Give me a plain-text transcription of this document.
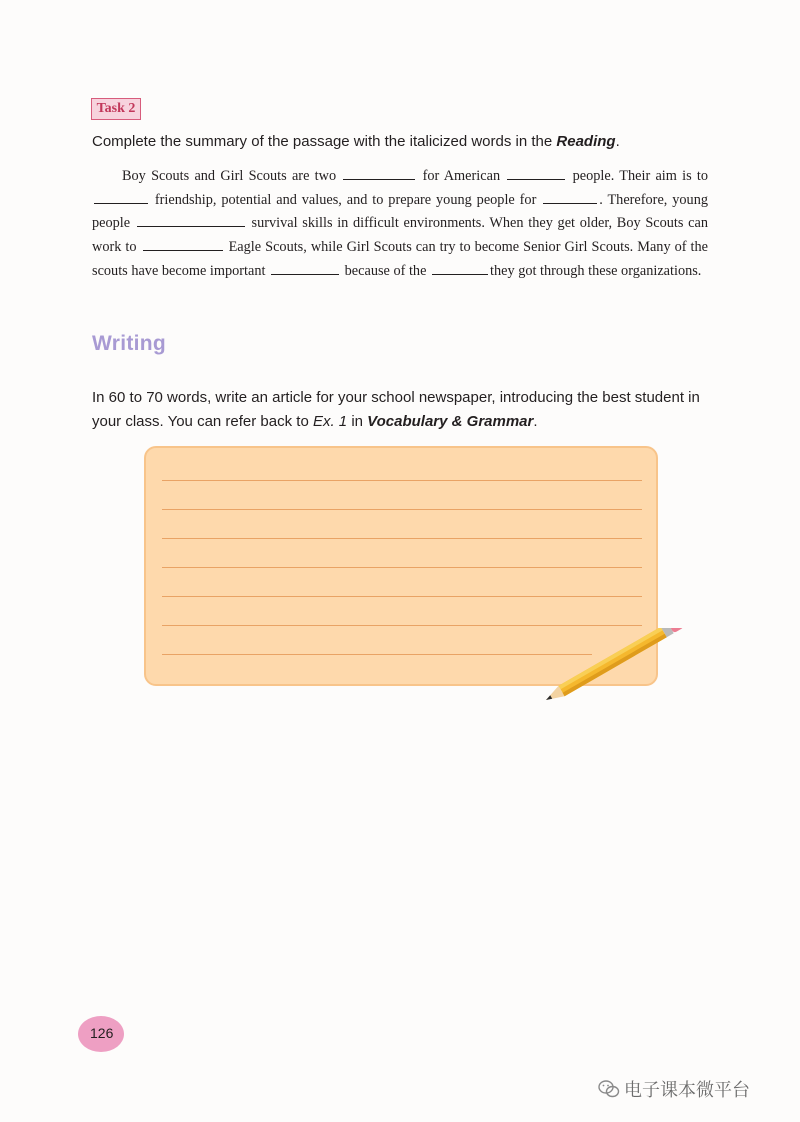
Task 2
Complete the summary of the passage with the italicized words in the Reading.
Boy Scouts and Girl Scouts are two	for American	people. Their aim is to  friendship, potential and values, and to prepare young people for	. Therefore, young people	survival skills in difficult environments. When they get older, Boy Scouts can work to	Eagle Scouts, while Girl Scouts can try to become Senior Girl Scouts. Many of the scouts have become important	because of the	they got through these organizations.
Writing
In 60 to 70 words, write an article for your school newspaper, introducing the best student in your class. You can refer back to Ex. 1 in Vocabulary & Grammar.
126
电子课本微平台
